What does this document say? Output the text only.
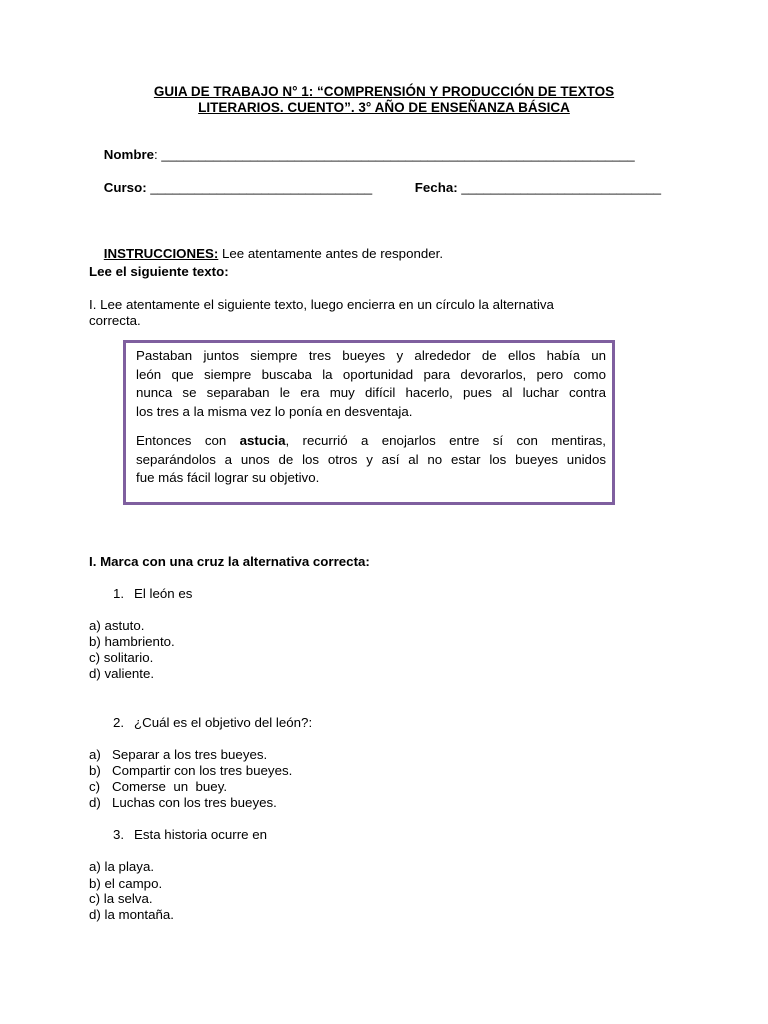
GUIA DE TRABAJO N° 1: “COMPRENSIÓN Y PRODUCCIÓN DE TEXTOS
LITERARIOS. CUENTO”. 3° AÑO DE ENSEÑANZA BÁSICA

Nombre: ________________________________________________________________

Curso: ______________________________
	Fecha: ___________________________

INSTRUCCIONES: Lee atentamente antes de responder.

Lee el siguiente texto:
I. Lee atentamente el siguiente texto, luego encierra en un círculo la alternativa
correcta.

Pastaban juntos siempre tres bueyes y alrededor de ellos había un
león que siempre buscaba la oportunidad para devorarlos, pero como
nunca se separaban le era muy difícil hacerlo, pues al luchar contra
los tres a la misma vez lo ponía en desventaja.

Entonces con astucia, recurrió a enojarlos entre sí con mentiras,
separándolos a unos de los otros y así al no estar los bueyes unidos
fue más fácil lograr su objetivo.

I. Marca con una cruz la alternativa correcta:
1. El león es
a) astuto.
b) hambriento.
c) solitario.
d) valiente.
2. ¿Cuál es el objetivo del león?:
a) Separar a los tres bueyes.
b) Compartir con los tres bueyes.
c) Comerse  un  buey.
d) Luchas con los tres bueyes.
3. Esta historia ocurre en
a) la playa.
b) el campo.
c) la selva.
d) la montaña.
